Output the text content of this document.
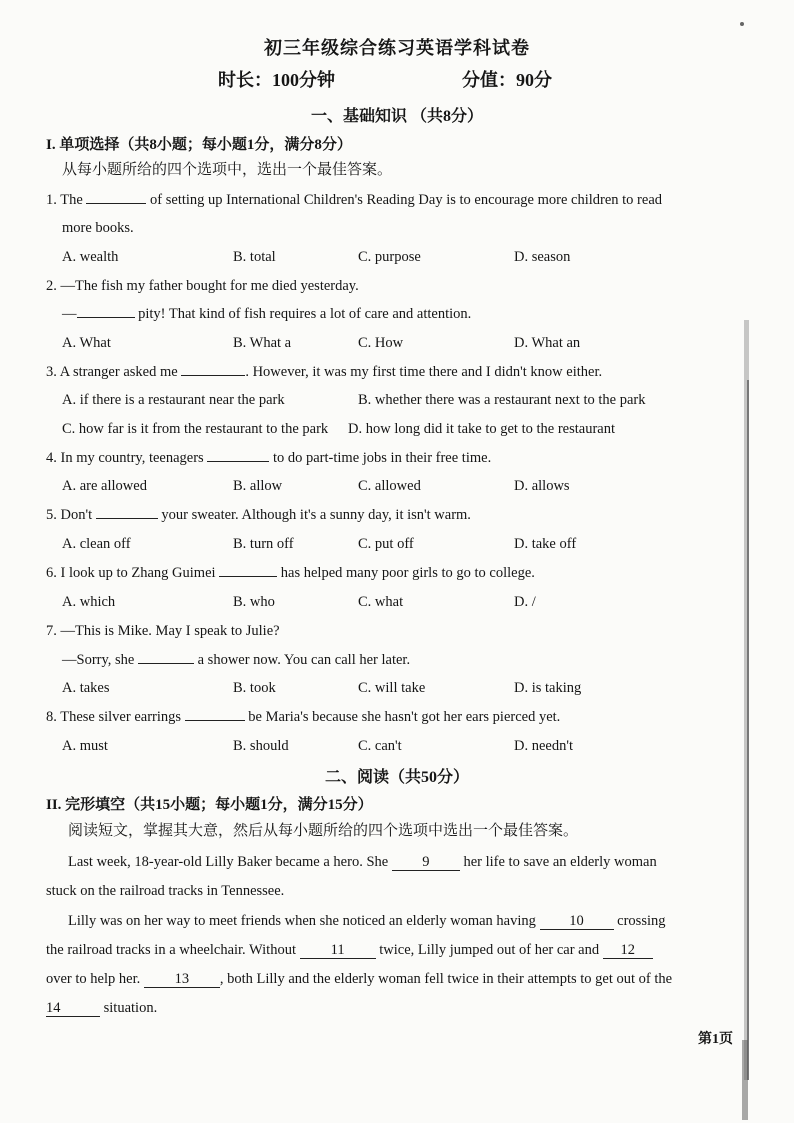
初三年级综合练习英语学科试卷
时长：100分钟	分值：90分
一、基础知识 （共8分）
I. 单项选择（共8小题；每小题1分，满分8分）
从每小题所给的四个选项中，选出一个最佳答案。
1. The	of setting up International Children's Reading Day is to encourage more children to read
more books.
A. wealth	B. total	C. purpose	D. season
2. —The fish my father bought for me died yesterday.
—	pity! That kind of fish requires a lot of care and attention.
A. What	B. What a	C. How	D. What an
3. A stranger asked me	. However, it was my first time there and I didn't know either.
A. if there is a restaurant near the park	B. whether there was a restaurant next to the park
C. how far is it from the restaurant to the park D. how long did it take to get to the restaurant
4. In my country, teenagers	to do part-time jobs in their free time.
A. are allowed	B. allow	C. allowed	D. allows
5. Don't	your sweater. Although it's a sunny day, it isn't warm.
A. clean off	B. turn off	C. put off	D. take off
6. I look up to Zhang Guimei	has helped many poor girls to go to college.
A. which	B. who	C. what	D. /
7. —This is Mike. May I speak to Julie?
—Sorry, she	a shower now. You can call her later.
A. takes	B. took	C. will take	D. is taking
8. These silver earrings	be Maria's because she hasn't got her ears pierced yet.
A. must	B. should	C. can't	D. needn't
二、阅读（共50分）
II. 完形填空（共15小题；每小题1分，满分15分）
阅读短文，掌握其大意，然后从每小题所给的四个选项中选出一个最佳答案。
Last week, 18-year-old Lilly Baker became a hero. She 9 her life to save an elderly woman
stuck on the railroad tracks in Tennessee.
Lilly was on her way to meet friends when she noticed an elderly woman having 10 crossing
the railroad tracks in a wheelchair. Without 11 twice, Lilly jumped out of her car and 12
over to help her. 13 , both Lilly and the elderly woman fell twice in their attempts to get out of the
14	situation.
第1页
